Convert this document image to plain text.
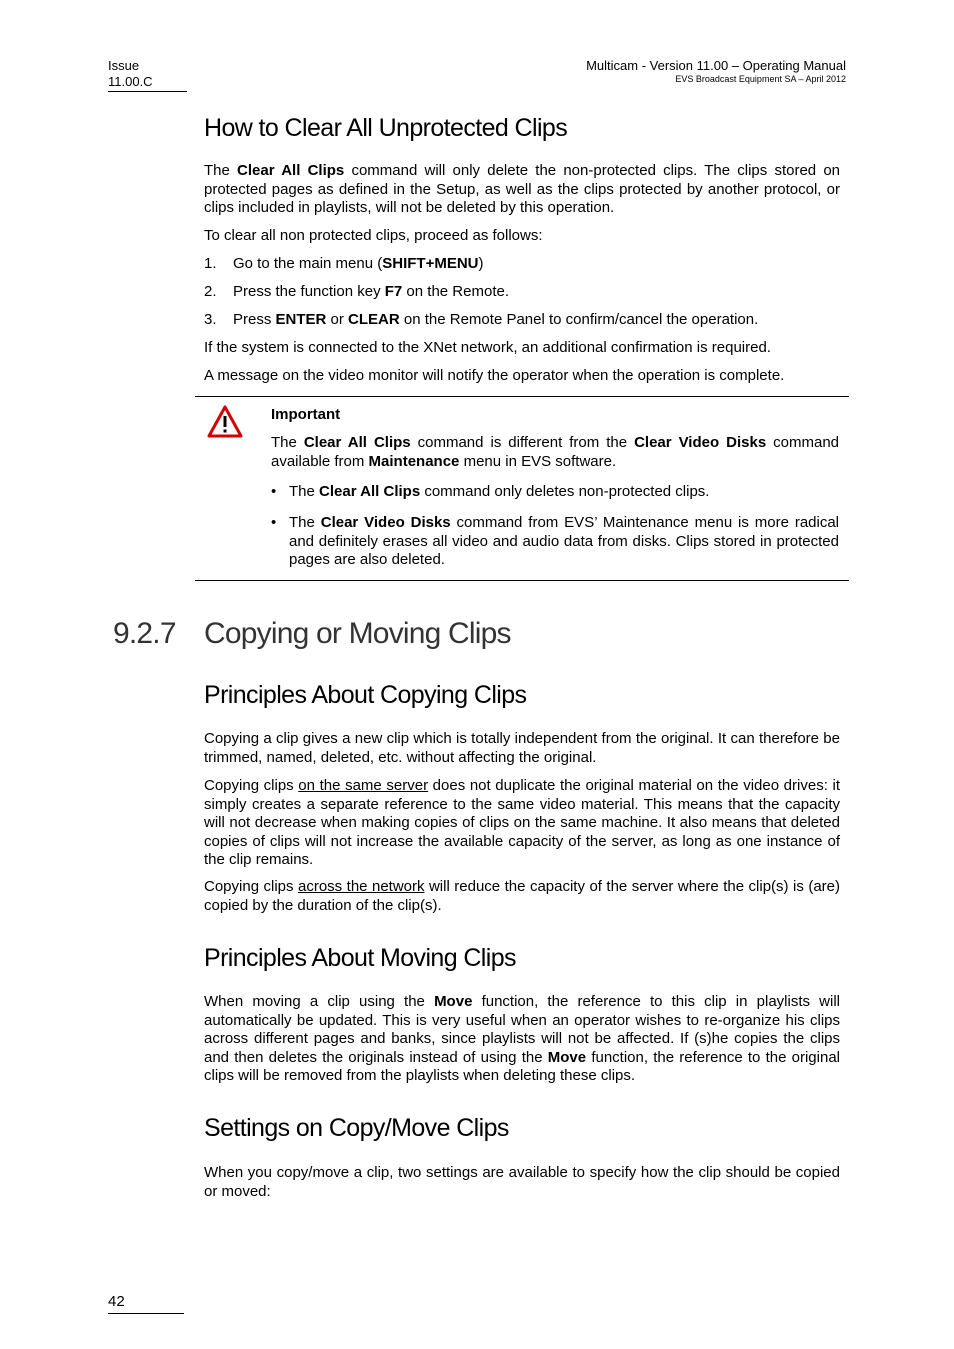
Issue
11.00.C
Multicam - Version 11.00 – Operating Manual
EVS Broadcast Equipment SA – April 2012
How to Clear All Unprotected Clips

The Clear All Clips command will only delete the non-protected clips. The clips stored on protected pages as defined in the Setup, as well as the clips protected by another protocol, or clips included in playlists, will not be deleted by this operation.

To clear all non protected clips, proceed as follows:

1. Go to the main menu (SHIFT+MENU)

2. Press the function key F7 on the Remote.

3. Press ENTER or CLEAR on the Remote Panel to confirm/cancel the operation.

If the system is connected to the XNet network, an additional confirmation is required.

A message on the video monitor will notify the operator when the operation is complete.

Important

The Clear All Clips command is different from the Clear Video Disks command available from Maintenance menu in EVS software.

• The Clear All Clips command only deletes non-protected clips.
• The Clear Video Disks command from EVS’ Maintenance menu is more radical and definitely erases all video and audio data from disks. Clips stored in protected pages are also deleted.
9.2.7 Copying or Moving Clips
Principles About Copying Clips

Copying a clip gives a new clip which is totally independent from the original. It can therefore be trimmed, named, deleted, etc. without affecting the original.

Copying clips on the same server does not duplicate the original material on the video drives: it simply creates a separate reference to the same video material. This means that the capacity will not decrease when making copies of clips on the same machine. It also means that deleted copies of clips will not increase the available capacity of the server, as long as one instance of the clip remains.

Copying clips across the network will reduce the capacity of the server where the clip(s) is (are) copied by the duration of the clip(s).

Principles About Moving Clips

When moving a clip using the Move function, the reference to this clip in playlists will automatically be updated. This is very useful when an operator wishes to re-organize his clips across different pages and banks, since playlists will not be affected. If (s)he copies the clips and then deletes the originals instead of using the Move function, the reference to the original clips will be removed from the playlists when deleting these clips.

Settings on Copy/Move Clips

When you copy/move a clip, two settings are available to specify how the clip should be copied or moved:

42
